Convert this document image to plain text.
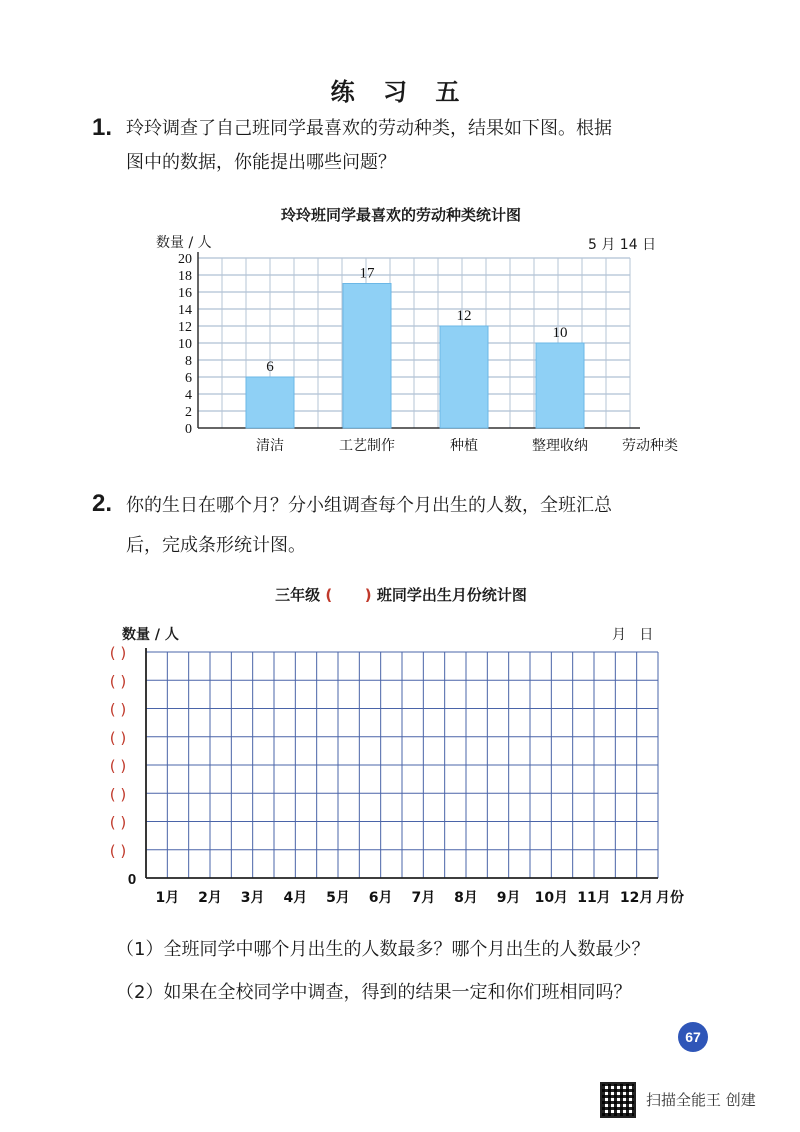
练 习 五
1. 玲玲调查了自己班同学最喜欢的劳动种类，结果如下图。根据
图中的数据，你能提出哪些问题？
玲玲班同学最喜欢的劳动种类统计图
数量 / 人	5 月 14 日
0
2
4
6
8
10
12
14
16
18
20
6
清洁
17
工艺制作
12
种植
10
整理收纳 劳动种类
2. 你的生日在哪个月？分小组调查每个月出生的人数，全班汇总
后，完成条形统计图。
三年级 ( ) 班同学出生月份统计图
数量 / 人	月   日
( )
( )
( )
( )
( )
( )
( )
( )
0
1月 2月 3月 4月 5月 6月 7月 8月 9月 10月 11月 12月 月份
（1）全班同学中哪个月出生的人数最多？哪个月出生的人数最少？
（2）如果在全校同学中调查，得到的结果一定和你们班相同吗？
67
扫描全能王 创建
